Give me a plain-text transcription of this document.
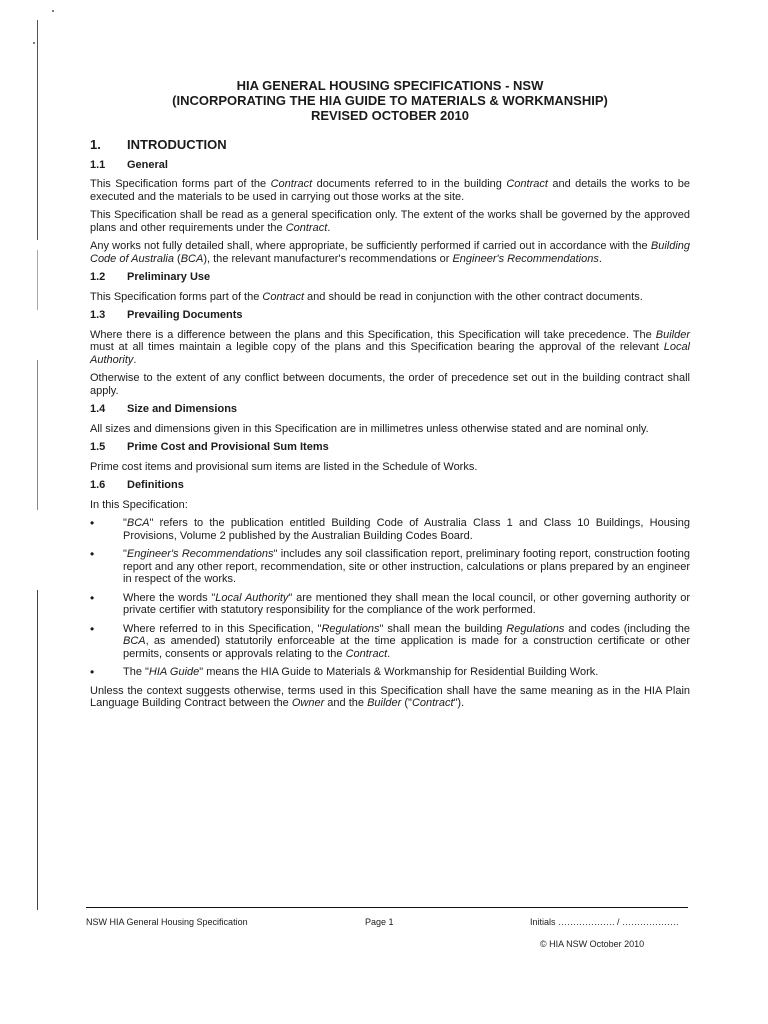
HIA GENERAL HOUSING SPECIFICATIONS - NSW
(INCORPORATING THE HIA GUIDE TO MATERIALS & WORKMANSHIP)
REVISED OCTOBER 2010
1.	INTRODUCTION
1.1	General

This Specification forms part of the Contract documents referred to in the building Contract and details the works to be executed and the materials to be used in carrying out those works at the site.

This Specification shall be read as a general specification only. The extent of the works shall be governed by the approved plans and other requirements under the Contract.

Any works not fully detailed shall, where appropriate, be sufficiently performed if carried out in accordance with the Building Code of Australia (BCA), the relevant manufacturer's recommendations or Engineer's Recommendations.

1.2	Preliminary Use

This Specification forms part of the Contract and should be read in conjunction with the other contract documents.

1.3	Prevailing Documents

Where there is a difference between the plans and this Specification, this Specification will take precedence. The Builder must at all times maintain a legible copy of the plans and this Specification bearing the approval of the relevant Local Authority.

Otherwise to the extent of any conflict between documents, the order of precedence set out in the building contract shall apply.

1.4	Size and Dimensions

All sizes and dimensions given in this Specification are in millimetres unless otherwise stated and are nominal only.

1.5	Prime Cost and Provisional Sum Items

Prime cost items and provisional sum items are listed in the Schedule of Works.

1.6	Definitions

In this Specification:

•	"BCA" refers to the publication entitled Building Code of Australia Class 1 and Class 10 Buildings, Housing Provisions, Volume 2 published by the Australian Building Codes Board.
•	"Engineer's Recommendations" includes any soil classification report, preliminary footing report, construction footing report and any other report, recommendation, site or other instruction, calculations or plans prepared by an engineer in respect of the works.
•	Where the words "Local Authority" are mentioned they shall mean the local council, or other governing authority or private certifier with statutory responsibility for the compliance of the work performed.
•	Where referred to in this Specification, "Regulations" shall mean the building Regulations and codes (including the BCA, as amended) statutorily enforceable at the time application is made for a construction certificate or other permits, consents or approvals relating to the Contract.
•	The "HIA Guide" means the HIA Guide to Materials & Workmanship for Residential Building Work.

Unless the context suggests otherwise, terms used in this Specification shall have the same meaning as in the HIA Plain Language Building Contract between the Owner and the Builder ("Contract").

NSW HIA General Housing Specification	Page 1	Initials ………………. / ……………….
© HIA NSW October 2010
